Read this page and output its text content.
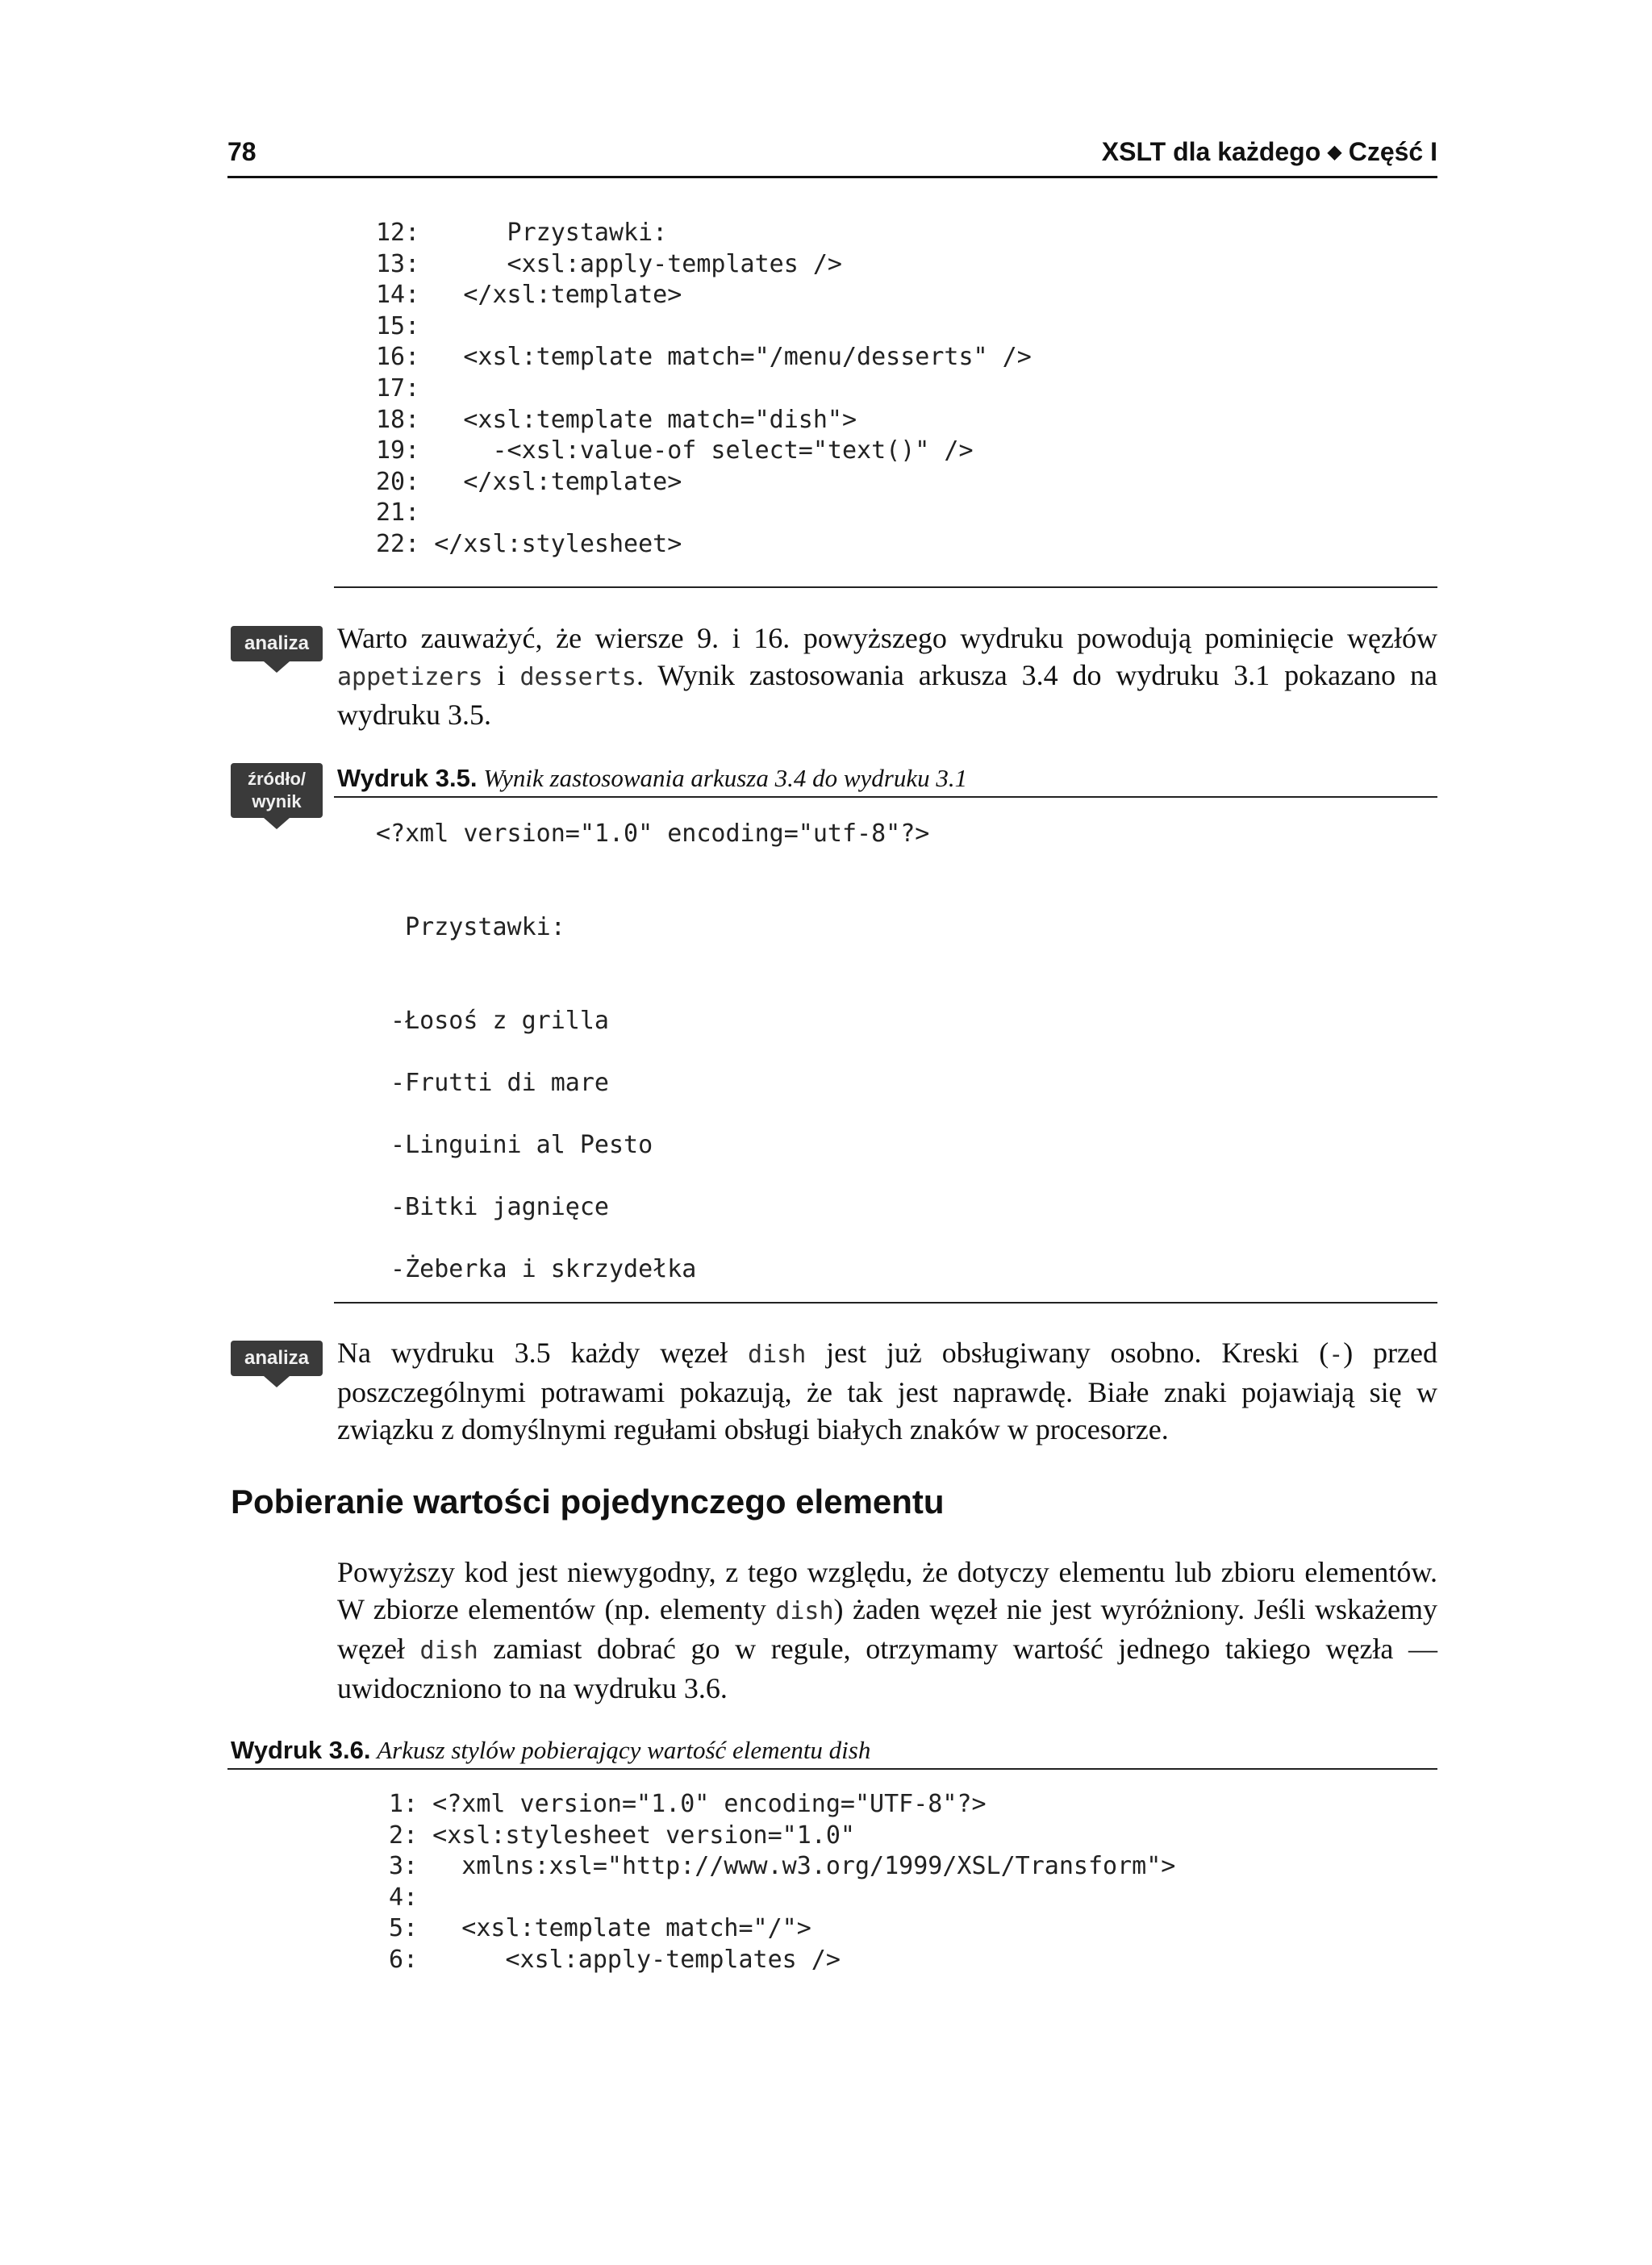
78	XSLT dla każdego ◆ Część I
12:      Przystawki:
13:      <xsl:apply-templates />
14:   </xsl:template>
15:
16:   <xsl:template match="/menu/desserts" />
17:
18:   <xsl:template match="dish">
19:     -<xsl:value-of select="text()" />
20:   </xsl:template>
21:
22: </xsl:stylesheet>
analiza Warto zauważyć, że wiersze 9. i 16. powyższego wydruku powodują pominięcie węzłów appetizers i desserts. Wynik zastosowania arkusza 3.4 do wydruku 3.1 pokazano na wydruku 3.5.

źródło/
wynik
Wydruk 3.5. Wynik zastosowania arkusza 3.4 do wydruku 3.1
<?xml version="1.0" encoding="utf-8"?>

Przystawki:

-Łosoś z grilla

-Frutti di mare

-Linguini al Pesto

-Bitki jagnięce

-Żeberka i skrzydełka
analiza Na wydruku 3.5 każdy węzeł dish jest już obsługiwany osobno. Kreski (-) przed poszczególnymi potrawami pokazują, że tak jest naprawdę. Białe znaki pojawiają się w związku z domyślnymi regułami obsługi białych znaków w procesorze.

Pobieranie wartości pojedynczego elementu

Powyższy kod jest niewygodny, z tego względu, że dotyczy elementu lub zbioru elementów. W zbiorze elementów (np. elementy dish) żaden węzeł nie jest wyróżniony. Jeśli wskażemy węzeł dish zamiast dobrać go w regule, otrzymamy wartość jednego takiego węzła — uwidoczniono to na wydruku 3.6.

Wydruk 3.6. Arkusz stylów pobierający wartość elementu dish
1: <?xml version="1.0" encoding="UTF-8"?>
2: <xsl:stylesheet version="1.0"
3:   xmlns:xsl="http://www.w3.org/1999/XSL/Transform">
4:
5:   <xsl:template match="/">
6:      <xsl:apply-templates />
